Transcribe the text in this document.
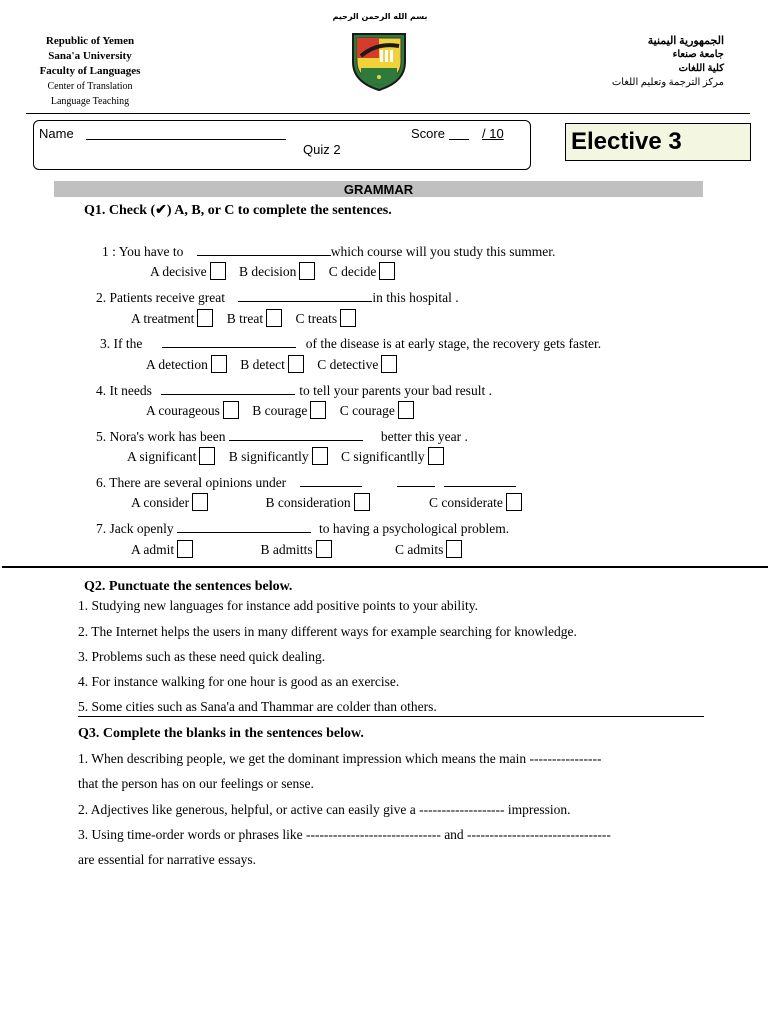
بسم الله الرحمن الرحيم
Republic of Yemen
Sana'a University
Faculty of Languages
Center of Translation
Language Teaching
الجمهورية اليمنية
جامعة صنعاء
كلية اللغات
مركز الترجمة وتعليم اللغات
Name	Score	/ 10
Quiz 2	Elective 3
GRAMMAR
Q1. Check (✔) A, B, or C to complete the sentences.
1 : You have to	which course will you study this summer.
A decisive B decision C decide
2. Patients receive great	in this hospital .
A treatment B treat C treats
3. If the	of the disease is at early stage, the recovery gets faster.
A detection B detect C detective
4. It needs	to tell your parents your bad result .
A courageous B courage C courage
5. Nora's work has been	better this year .
A significant B significantly C significantlly
6. There are several opinions under
A consider	B consideration	C considerate
7. Jack openly	to having a psychological problem.
A admit	B admitts	C admits
Q2. Punctuate the sentences below.
1. Studying new languages for instance add positive points to your ability.
2. The Internet helps the users in many different ways for example searching for knowledge.
3. Problems such as these need quick dealing.
4. For instance walking for one hour is good as an exercise.
5. Some cities such as Sana'a and Thammar are colder than others.
Q3. Complete the blanks in the sentences below.
1. When describing people, we get the dominant impression which means the main ----------------
that the person has on our feelings or sense.
2. Adjectives like generous, helpful, or active can easily give a ------------------- impression.
3. Using time-order words or phrases like ------------------------------ and --------------------------------
are essential for narrative essays.
